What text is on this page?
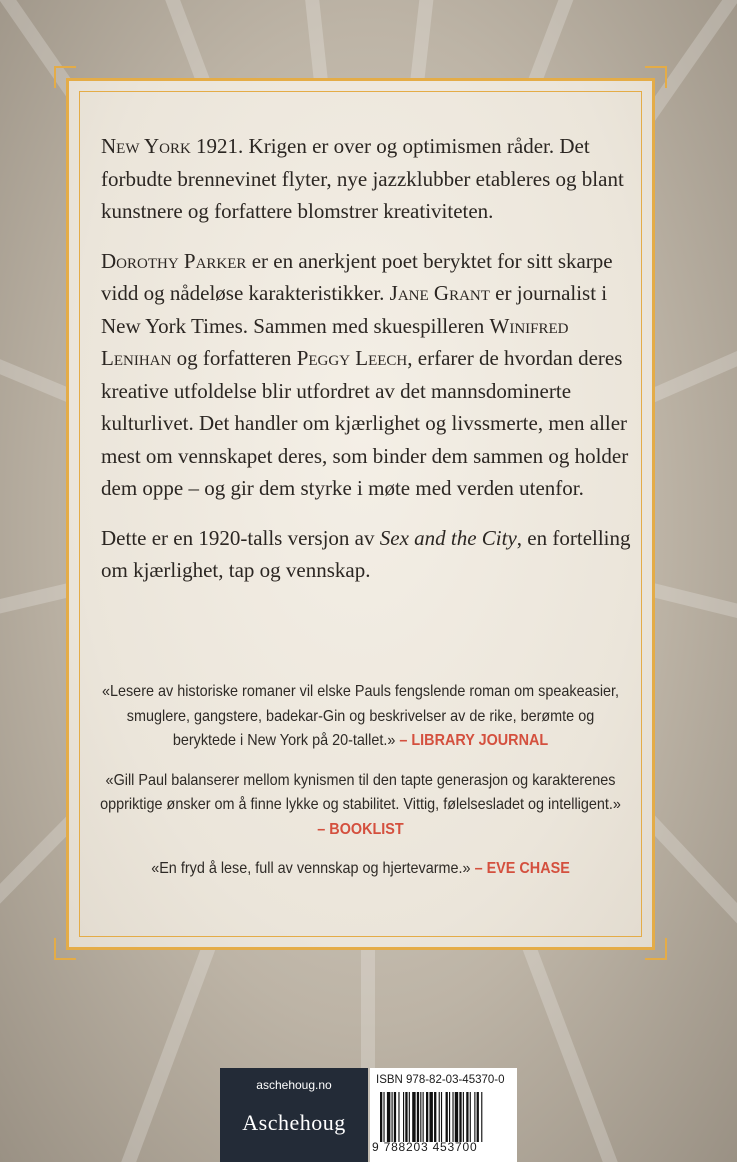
New York 1921. Krigen er over og optimismen råder. Det forbudte brennevinet flyter, nye jazzklubber etableres og blant kunstnere og forfattere blomstrer kreativiteten.

Dorothy Parker er en anerkjent poet beryktet for sitt skarpe vidd og nådeløse karakteristikker. Jane Grant er journalist i New York Times. Sammen med skuespilleren Winifred Lenihan og forfatteren Peggy Leech, erfarer de hvordan deres kreative utfoldelse blir utfordret av det mannsdominerte kulturlivet. Det handler om kjærlighet og livssmerte, men aller mest om vennskapet deres, som binder dem sammen og holder dem oppe – og gir dem styrke i møte med verden utenfor.

Dette er en 1920-talls versjon av Sex and the City, en fortelling om kjærlighet, tap og vennskap.

«Lesere av historiske romaner vil elske Pauls fengslende roman om speakeasier, smuglere, gangstere, badekar-Gin og beskrivelser av de rike, berømte og beryktede i New York på 20-tallet.» – LIBRARY JOURNAL

«Gill Paul balanserer mellom kynismen til den tapte generasjon og karakterenes oppriktige ønsker om å finne lykke og stabilitet. Vittig, følelsesladet og intelligent.» – BOOKLIST

«En fryd å lese, full av vennskap og hjertevarme.» – EVE CHASE

aschehoug.no
Aschehoug
ISBN 978-82-03-45370-0
9 788203 453700
